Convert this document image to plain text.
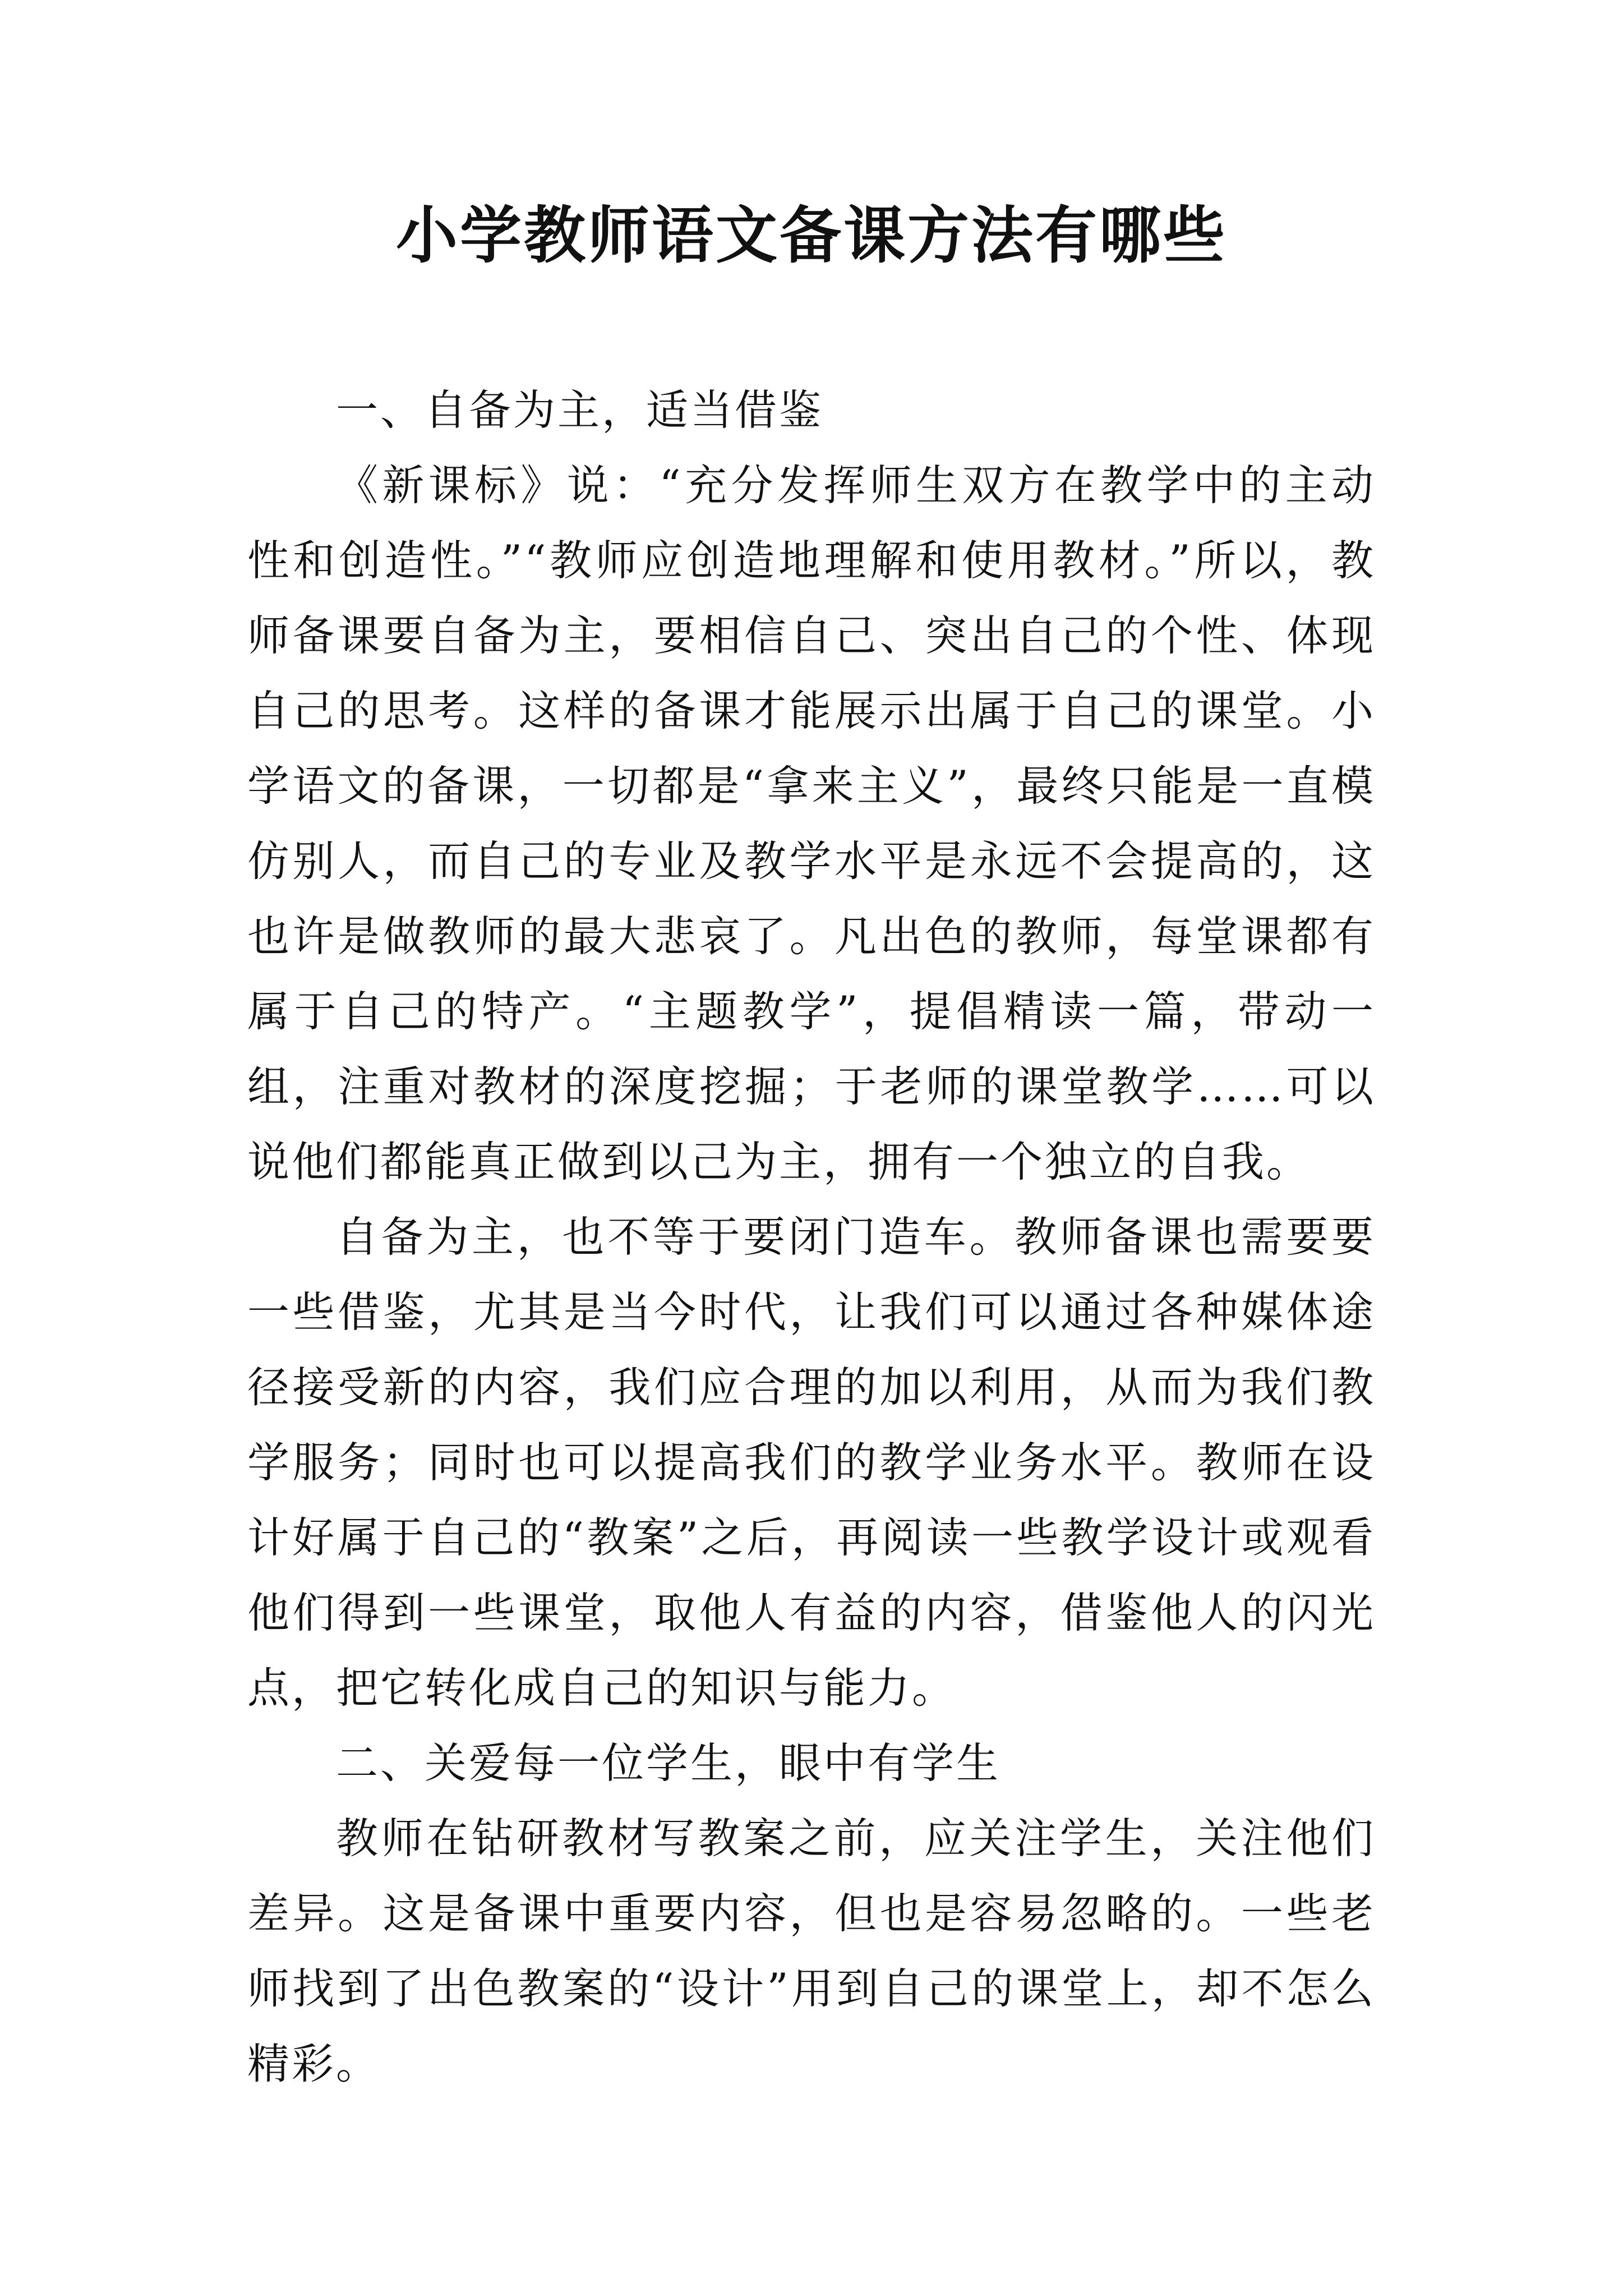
小学教师语文备课方法有哪些

一、自备为主，适当借鉴

《新课标》说：“充分发挥师生双方在教学中的主动性和创造性。”“教师应创造地理解和使用教材。”所以，教师备课要自备为主，要相信自己、突出自己的个性、体现自己的思考。这样的备课才能展示出属于自己的课堂。小学语文的备课，一切都是“拿来主义”，最终只能是一直模仿别人，而自己的专业及教学水平是永远不会提高的，这也许是做教师的最大悲哀了。凡出色的教师，每堂课都有属于自己的特产。“主题教学”，提倡精读一篇，带动一组，注重对教材的深度挖掘；于老师的课堂教学……可以说他们都能真正做到以己为主，拥有一个独立的自我。

自备为主，也不等于要闭门造车。教师备课也需要要一些借鉴，尤其是当今时代，让我们可以通过各种媒体途径接受新的内容，我们应合理的加以利用，从而为我们教学服务；同时也可以提高我们的教学业务水平。教师在设计好属于自己的“教案”之后，再阅读一些教学设计或观看他们得到一些课堂，取他人有益的内容，借鉴他人的闪光点，把它转化成自己的知识与能力。

二、关爱每一位学生，眼中有学生

教师在钻研教材写教案之前，应关注学生，关注他们差异。这是备课中重要内容，但也是容易忽略的。一些老师找到了出色教案的“设计”用到自己的课堂上，却不怎么精彩。
